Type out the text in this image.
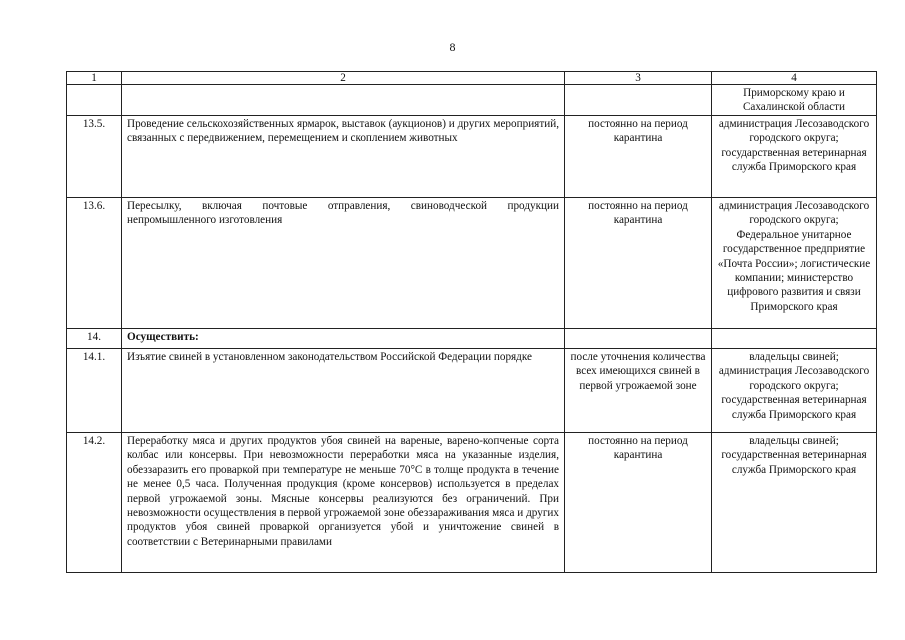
8
1	2	3	4
			Приморскому краю и Сахалинской области
13.5.	Проведение сельскохозяйственных ярмарок, выставок (аукционов) и других мероприятий, связанных с передвижением, перемещением и скоплением животных	постоянно на период карантина	администрация Лесозаводского городского округа; государственная ветеринарная служба Приморского края
13.6.	Пересылку, включая почтовые отправления, свиноводческой продукции непромышленного изготовления	постоянно на период карантина	администрация Лесозаводского городского округа; Федеральное унитарное государственное предприятие «Почта России»; логистические компании; министерство цифрового развития и связи Приморского края
14.	Осуществить:		
14.1.	Изъятие свиней в установленном законодательством Российской Федерации порядке	после уточнения количества всех имеющихся свиней в первой угрожаемой зоне	владельцы свиней; администрация Лесозаводского городского округа; государственная ветеринарная служба Приморского края
14.2.	Переработку мяса и других продуктов убоя свиней на вареные, варено-копченые сорта колбас или консервы. При невозможности переработки мяса на указанные изделия, обеззаразить его проваркой при температуре не меньше 70°С в толще продукта в течение не менее 0,5 часа. Полученная продукция (кроме консервов) используется в пределах первой угрожаемой зоны. Мясные консервы реализуются без ограничений. При невозможности осуществления в первой угрожаемой зоне обеззараживания мяса и других продуктов убоя свиней проваркой организуется убой и уничтожение свиней в соответствии с Ветеринарными правилами	постоянно на период карантина	владельцы свиней; государственная ветеринарная служба Приморского края
